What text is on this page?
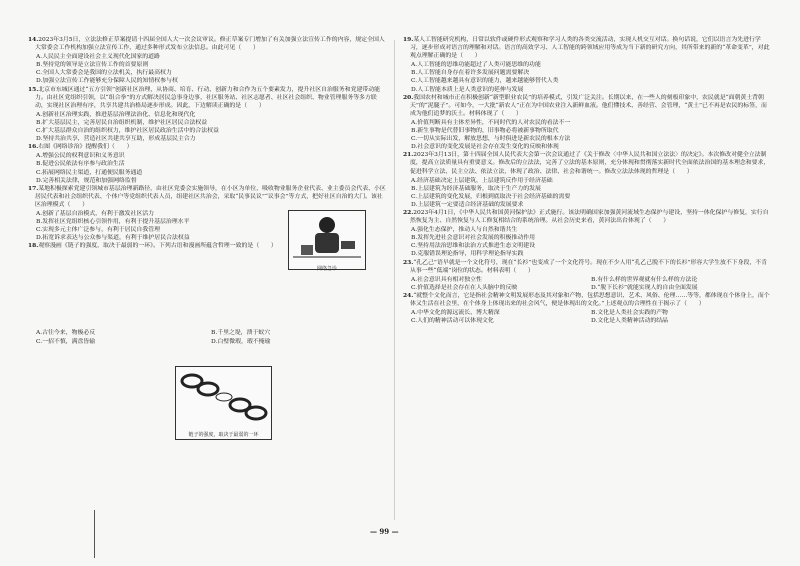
14.2023年3月5日，立法法修正草案提请十四届全国人大一次会议审议。修正草案专门增加了有关加强立法宣传工作的内容，规定全国人大常委会工作机构加强立法宣传工作，通过多种形式发布立法信息。由此可见（　　）

A.人民民主全面建设社会主义现代化国家的道路
B.坚持党的领导是立法宣传工作的首要原则
C.全国人大常委会是我国的立法机关，执行最高权力
D.加强立法宣传工作能够充分保障人民的知情权参与权

15.北京市东城区通过“五方引领”创新社区治理，从协商、培育、行动、创新力和合作为五个要素发力，提升社区自治服务和党建带动能力。由社区党组织引领，以“组合拳”的方式解决居民急事身边事，社区服务站、社区志愿者、社区社会组织、物业管理服务等多方联动，实现社区治理有序，共享共建共治格局逐步形成。因此，下边解读正确的是（　　）

A.创新社区治理实践，推进基层治理法治化、信息化和现代化
B.扩大基层民主，完善居民自治组织机制，维护社区居民合法权益
C.扩大基层群众自治的组织权力，维护社区居民政治生活中的合法权益
D.坚持共治共享，营造社区共建共享互助，形成基层民主合力

16.右图《网络诊治》提醒我们（　　）

A.增强公民的权利意识和义务意识
B.促进公民依法有序参与政治生活
C.拓展网络民主渠道，打通便民服务通道
D.完善相关法律，规范和加强网络监督

17.某地积极探索党建引领城市基层治理新路径，由社区党委会实施领导，在小区为单位，吸收物业服务企业代表、业主委员会代表、小区居民代表和社会组织代表、个体户等党组织代表人员，组建社区共治会，采取“民事民议”“议事会”等方式，把好社区自治的大门。该社区治理模式（　　）

A.创新了基层自治模式，有利于激发社区活力
B.发挥社区党组织核心引领作用，有利于提升基层治理水平
C.实现多元主体广泛参与，有利于居民自我管理
D.拓宽诉求表达与公众参与渠道，有利于维护居民合法权益

18.观察漫画《链子的强度，取决于最弱的一环》。下列古语和漫画所蕴含哲理一致的是（　　）

A.古往今来，物极必反	B.千里之堤，溃于蚁穴
C.一招不慎，满盘皆输	D.白璧微瑕，瑕不掩瑜
网络急诊
链子的强度，取决于最弱的一环

19.某人工智能研究机构，日常以软件或硬件形式观察和学习人类的各类交流活动，实现人机交互对话。换句话说，它们以语言为先进行学习，逐步形成对语言的理解和对话。语言的高效学习、人工智能的跨领域应用等成为当下新的研究方向，其所带来的新的“革命变革”，对此观点理解正确的是（　　）

A.人工智能的思维功能超过了人类可能思维的功能
B.人工智能自身存在着许多发展问题需要解决
C.人工智能越来越具有意识的能力，越来越能够替代人类
D.人工智能本质上是人类意识的延伸与发展

20.我国农村和城市正在积极创新“新型职业农民”的培养模式，引发广泛关注。长期以来，在一些人的刻板印象中，农民就是“面朝黄土背朝天”的“泥腿子”。可如今，一大批“新农人”正在为中国农业注入新鲜血液。他们懂技术、善经营、会管理，“黄土”已不再是农民的标签，而成为他们追梦的沃土。材料体现了（　　）

A.价值判断具有主体差异性，不同时代的人对农民的看法不一
B.新生事物是代替旧事物的，旧事物必将被新事物所取代
C.一切从实际出发，解放思想，与时俱进是新农民的根本方法
D.社会意识的变化发展是社会存在发生变化的反映和体现

21.2023年3月13日，第十四届全国人民代表大会第一次会议通过了《关于修改〈中华人民共和国立法法〉的决定》。本次修改对健全立法制度，提高立法质量具有重要意义。修改后的立法法，完善了立法的基本原则，充分体现和贯彻落实新时代全面依法治国的基本理念和要求，促进科学立法、民主立法、依法立法，体现了政治、法律、社会和谐统一。修改立法法体现的哲理是（　　）

A.经济基础决定上层建筑，上层建筑反作用于经济基础
B.上层建筑为经济基础服务，取决于生产力的发展
C.上层建筑的变化发展，归根到底取决于社会经济基础的需要
D.上层建筑一定要适合经济基础的发展要求

22.2023年4月1日，《中华人民共和国黄河保护法》正式施行。该法明确国家加强黄河流域生态保护与建设，坚持一体化保护与修复，实行自然恢复为主、自然恢复与人工修复相结合的系统治理。从社会历史来看，黄河法出台体现了（　　）

A.强化生态保护，推动人与自然和谐共生
B.发挥先进社会意识对社会发展的积极推动作用
C.坚持用法治思维和法治方式推进生态文明建设
D.克服错误理论指导，用科学理论指导实践

23.“孔乙己”语早就是一个文化符号，现在“长衫”也变成了一个文化符号。现在不少人用“孔乙己脱不下的长衫”形容大学生放不下身段，不肯从事一些“低端”岗位的状态。材料表明（　　）

A.社会意识具有相对独立性	B.有什么样的世界观就有什么样的方法论
C.价值选择是社会存在在人头脑中的反映	D.“脱下长衫”就能实现人的自由全面发展

24.“就整个文化而言，它是指社会精神文明发展形态及其对象和产物，包括思想意识、艺术、风俗、伦理……等等，都体现在个体身上，而个体又生活在社会里，在个体身上体现出来的社会风气，便是体现出的文化。”上述观点的合理性在于揭示了（　　）

A.中华文化的源远流长、博大精深	B.文化是人类社会实践的产物
C.人们的精神活动可以体现文化	D.文化是人类精神活动的结晶
— 99 —
